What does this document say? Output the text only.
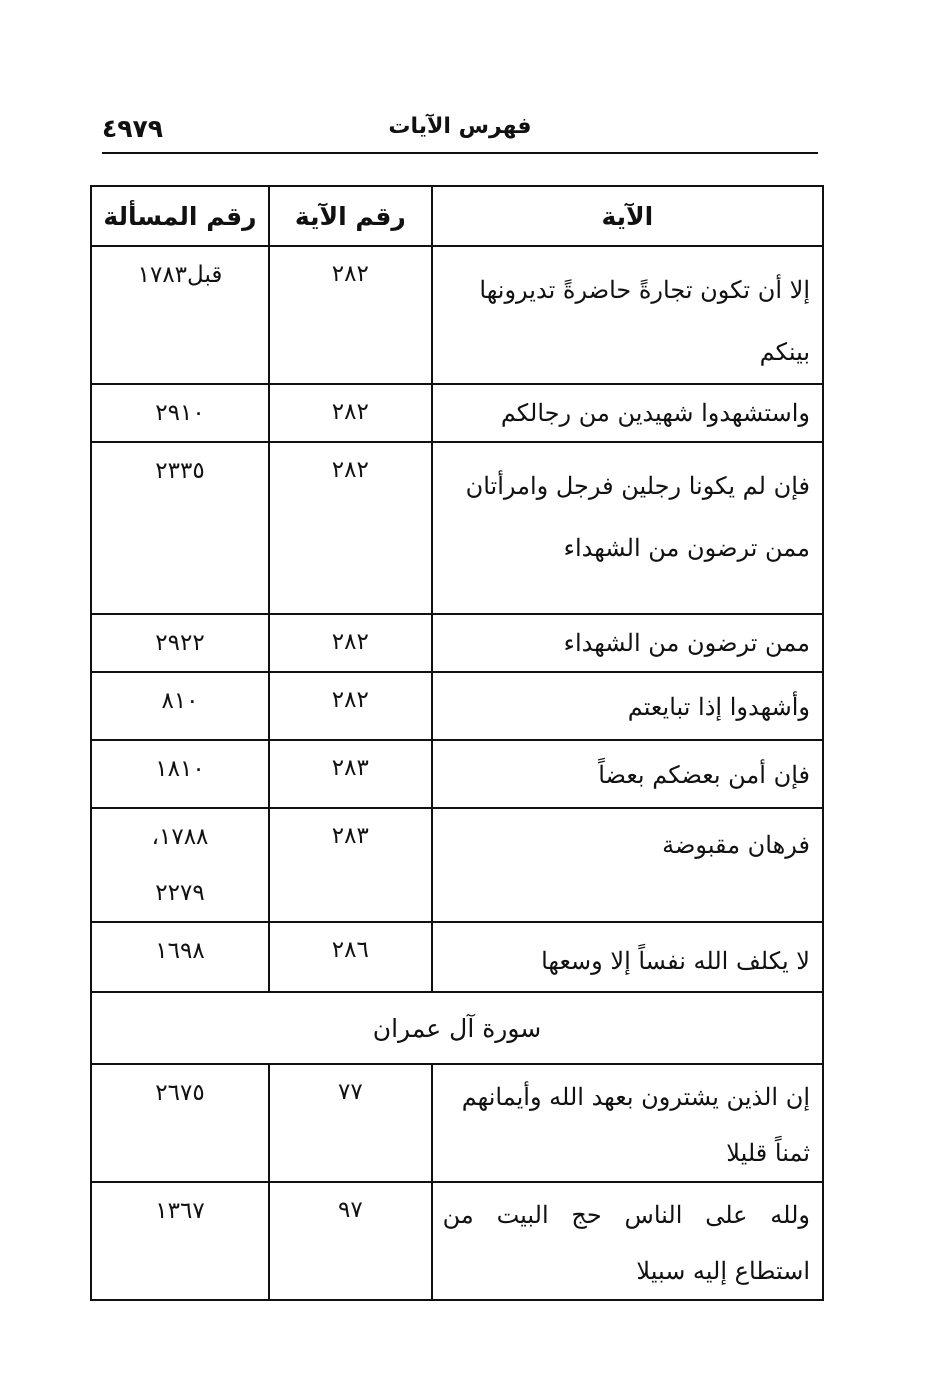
٤٩٧٩	فهرس الآيات
الآية	رقم الآية	رقم المسألة

إلا أن تكون تجارةً حاضرةً تديرونها
بينكم	٢٨٢	قبل١٧٨٣

واستشهدوا شهيدين من رجالكم	٢٨٢	٢٩١٠

فإن لم يكونا رجلين فرجل وامرأتان
ممن ترضون من الشهداء	٢٨٢	٢٣٣٥

ممن ترضون من الشهداء	٢٨٢	٢٩٢٢

وأشهدوا إذا تبايعتم	٢٨٢	٨١٠

فإن أمن بعضكم بعضاً	٢٨٣	١٨١٠

فرهان مقبوضة	٢٨٣	١٧٨٨،
٢٢٧٩

لا يكلف الله نفساً إلا وسعها	٢٨٦	١٦٩٨

سورة آل عمران		

إن الذين يشترون بعهد الله وأيمانهم
ثمناً قليلا	٧٧	٢٦٧٥

ولله على الناس حج البيت من
استطاع إليه سبيلا	٩٧	١٣٦٧
